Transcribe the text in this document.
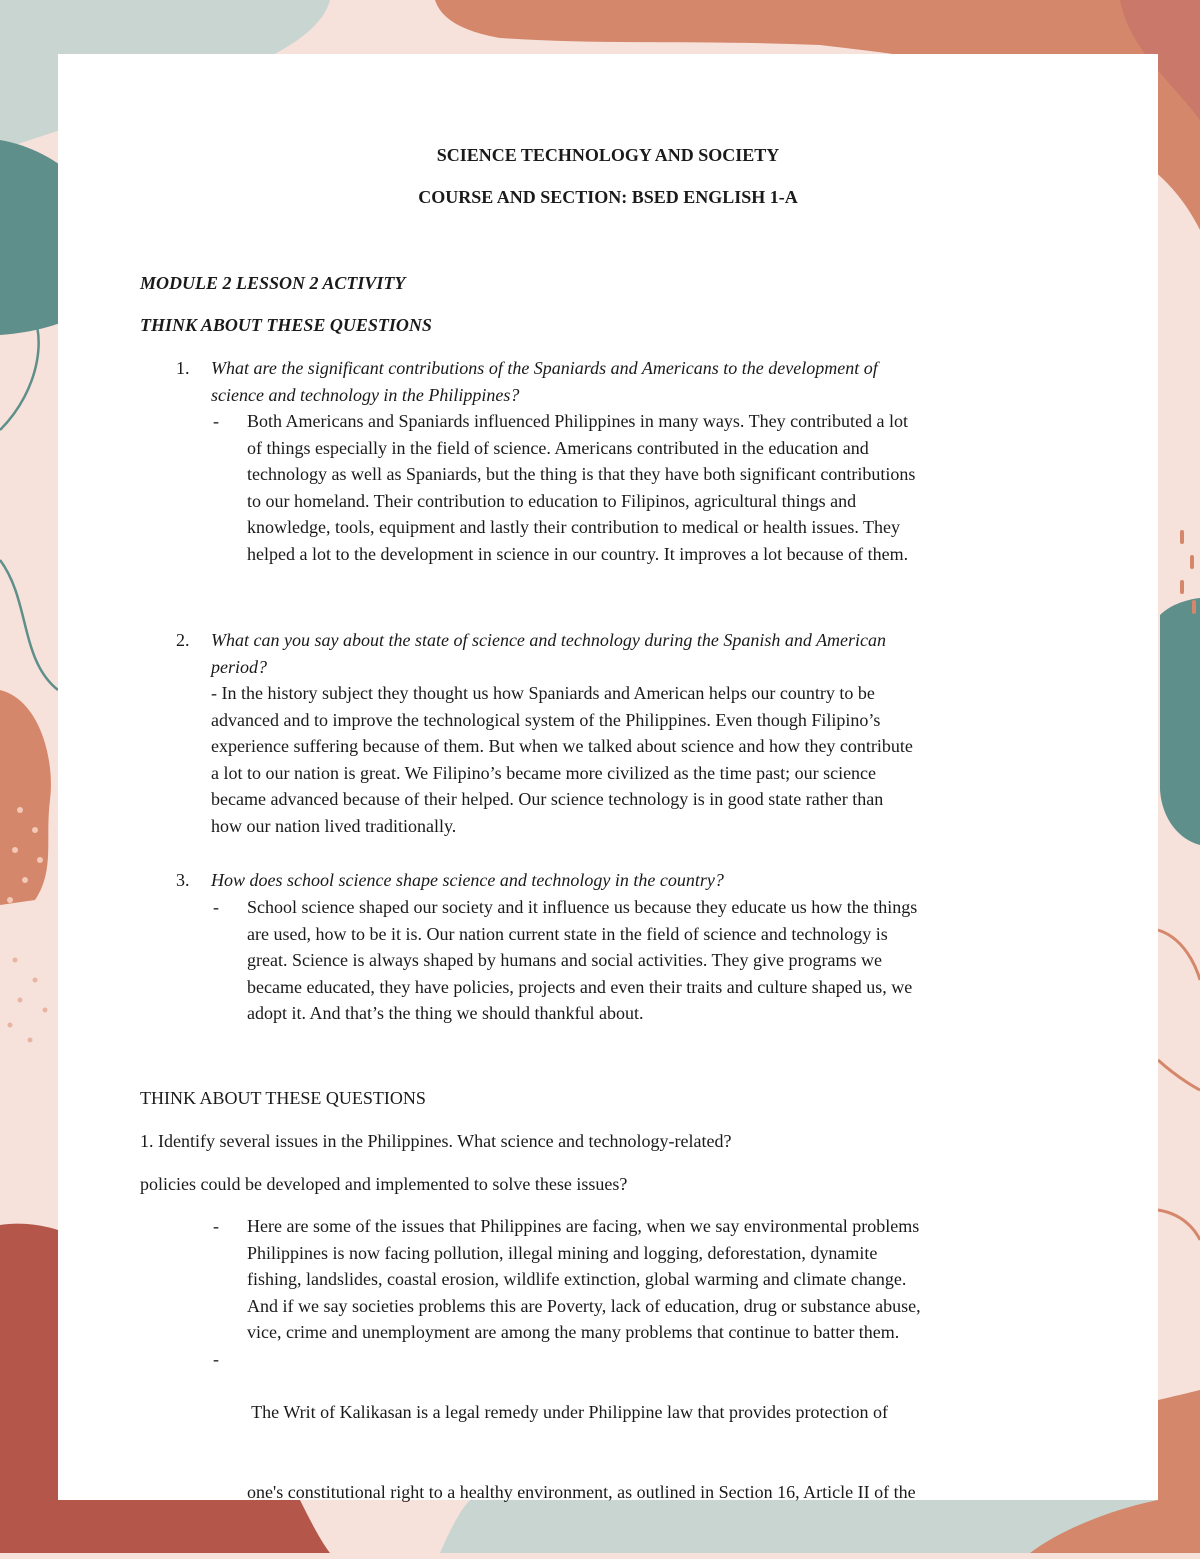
SCIENCE TECHNOLOGY AND SOCIETY
COURSE AND SECTION: BSED ENGLISH 1-A
MODULE 2 LESSON 2 ACTIVITY
THINK ABOUT THESE QUESTIONS
1. What are the significant contributions of the Spaniards and Americans to the development of
science and technology in the Philippines?
- Both Americans and Spaniards influenced Philippines in many ways. They contributed a lot
of things especially in the field of science. Americans contributed in the education and
technology as well as Spaniards, but the thing is that they have both significant contributions
to our homeland. Their contribution to education to Filipinos, agricultural things and
knowledge, tools, equipment and lastly their contribution to medical or health issues. They
helped a lot to the development in science in our country. It improves a lot because of them.
2. What can you say about the state of science and technology during the Spanish and American
period?
- In the history subject they thought us how Spaniards and American helps our country to be
advanced and to improve the technological system of the Philippines. Even though Filipino’s
experience suffering because of them. But when we talked about science and how they contribute
a lot to our nation is great. We Filipino’s became more civilized as the time past; our science
became advanced because of their helped. Our science technology is in good state rather than
how our nation lived traditionally.
3. How does school science shape science and technology in the country?
- School science shaped our society and it influence us because they educate us how the things
are used, how to be it is. Our nation current state in the field of science and technology is
great. Science is always shaped by humans and social activities. They give programs we
became educated, they have policies, projects and even their traits and culture shaped us, we
adopt it. And that’s the thing we should thankful about.
THINK ABOUT THESE QUESTIONS
1. Identify several issues in the Philippines. What science and technology-related?
policies could be developed and implemented to solve these issues?
- Here are some of the issues that Philippines are facing, when we say environmental problems
Philippines is now facing pollution, illegal mining and logging, deforestation, dynamite
fishing, landslides, coastal erosion, wildlife extinction, global warming and climate change.
And if we say societies problems this are Poverty, lack of education, drug or substance abuse,
vice, crime and unemployment are among the many problems that continue to batter them.
-

The Writ of Kalikasan is a legal remedy under Philippine law that provides protection of

one's constitutional right to a healthy environment, as outlined in Section 16, Article II of the
